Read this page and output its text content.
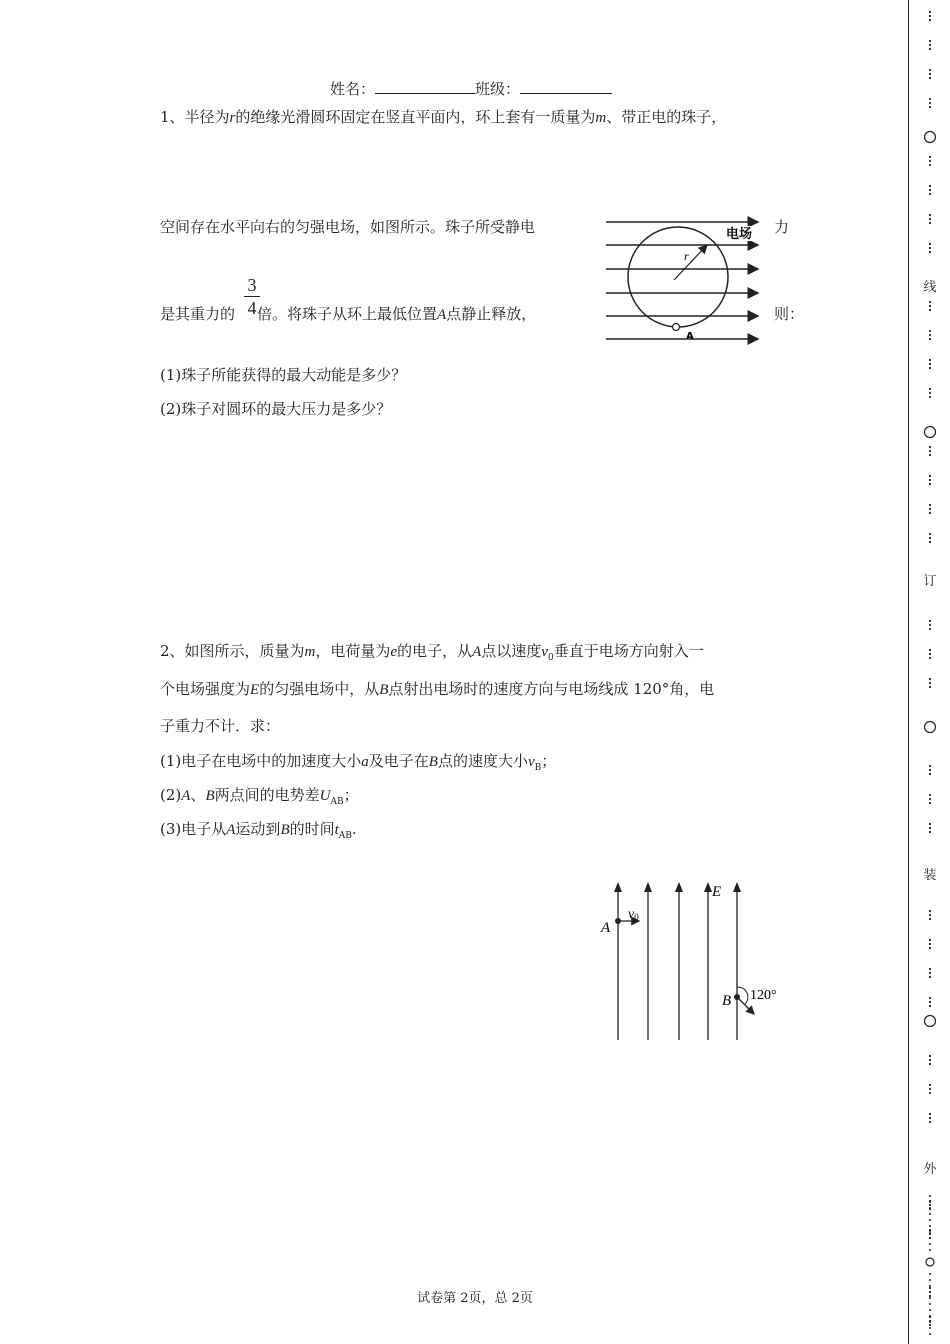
姓名：	班级：
1、半径为r的绝缘光滑圆环固定在竖直平面内，环上套有一质量为m、带正电的珠子，
空间存在水平向右的匀强电场，如图所示。珠子所受静电	力
是其重力的 倍。将珠子从环上最低位置A点静止释放，
3
4	则：
(1)珠子所能获得的最大动能是多少？
(2)珠子对圆环的最大压力是多少？
r
电场
A
2、如图所示，质量为m，电荷量为e的电子，从A点以速度$v_0$垂直于电场方向射入一
个电场强度为E的匀强电场中，从B点射出电场时的速度方向与电场线成 120°角，电
子重力不计．求：
(1)电子在电场中的加速度大小a及电子在B点的速度大小$v_B$；
(2)A、B两点间的电势差$U_{AB}$；
(3)电子从A运动到B的时间$t_{AB}$.
E
A
v0
B 120°
线
订
装
外
试卷第 2页，总 2页
